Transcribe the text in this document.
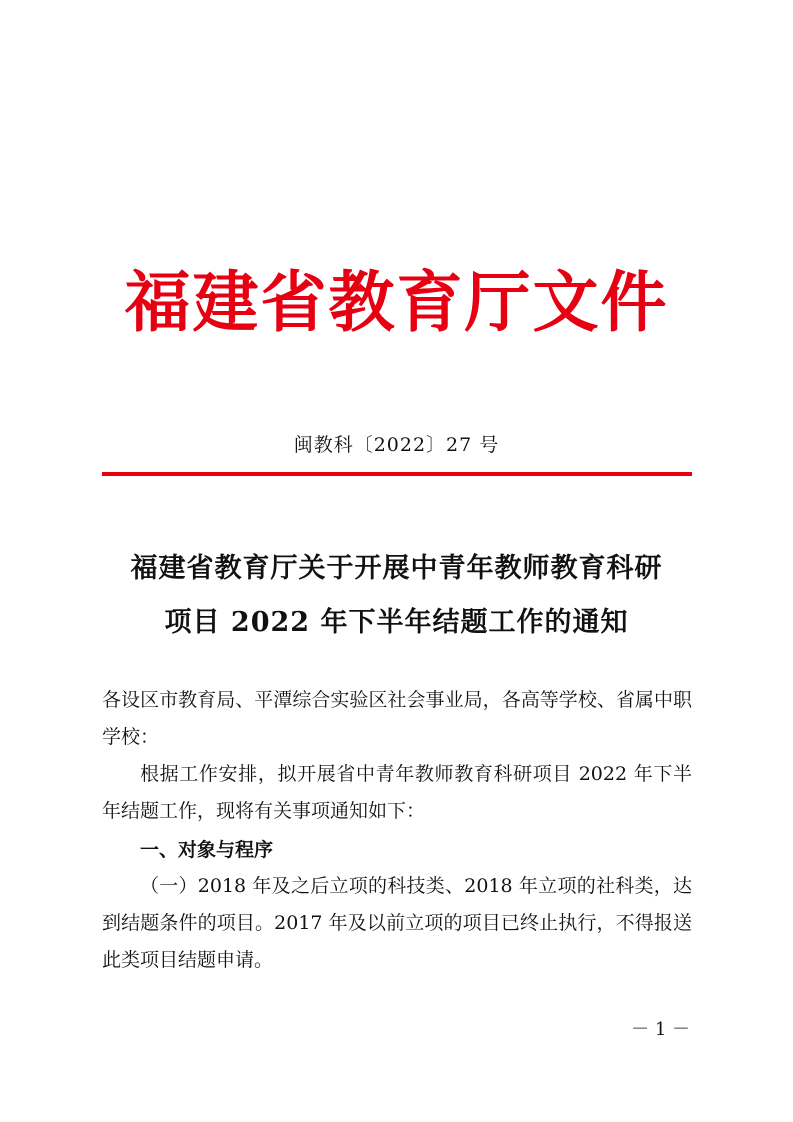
福建省教育厅文件
闽教科〔2022〕27 号
福建省教育厅关于开展中青年教师教育科研
项目 2022 年下半年结题工作的通知
各设区市教育局、平潭综合实验区社会事业局，各高等学校、省属中职学校：
根据工作安排，拟开展省中青年教师教育科研项目 2022 年下半年结题工作，现将有关事项通知如下：
一、对象与程序
（一）2018 年及之后立项的科技类、2018 年立项的社科类，达到结题条件的项目。2017 年及以前立项的项目已终止执行，不得报送此类项目结题申请。
－ 1 －
